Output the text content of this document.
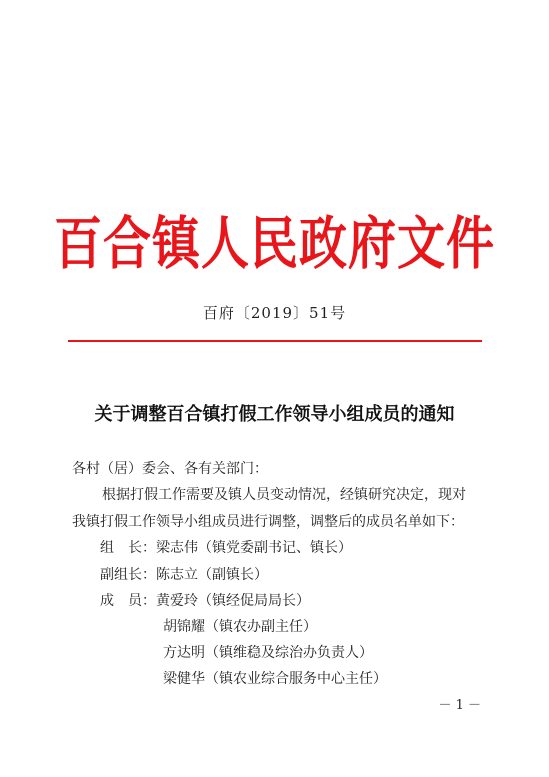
百合镇人民政府文件
百府〔2019〕51号
关于调整百合镇打假工作领导小组成员的通知
各村（居）委会、各有关部门：
根据打假工作需要及镇人员变动情况，经镇研究决定，现对
我镇打假工作领导小组成员进行调整，调整后的成员名单如下：
组　长：梁志伟（镇党委副书记、镇长）
副组长：陈志立（副镇长）
成　员：黄爱玲（镇经促局局长）
胡锦耀（镇农办副主任）
方达明（镇维稳及综治办负责人）
梁健华（镇农业综合服务中心主任）
－ 1 －
